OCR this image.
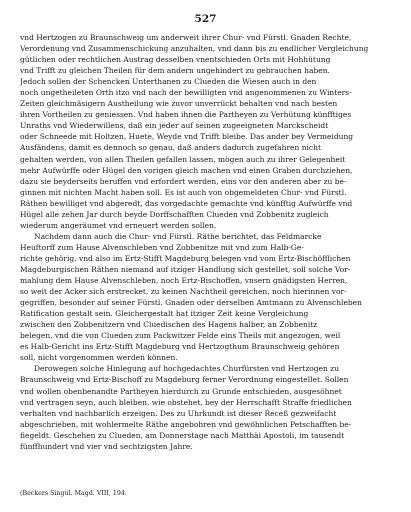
527
vnd Hertzogen zu Braunschweig um anderweit ihrer Chur- vnd Fürstl. Gnaden Rechte,
Verordenung vnd Zusammenschickung anzuhalten, vnd dann bis zu endlicher Vergleichung
gütlichen oder rechtlichen Austrag desselben vnentschieden Orts mit Hohhütung
vnd Trifft zu gleichen Theilen für dem andern ungehindert zu gebrauchen haben.
Jedoch sollen der Schencken Unterthanen zu Clueden die Wiesen auch in den
noch ungetheileten Orth itzo vnd nach der bewilligten vnd angenommenen zu Winters-
Zeiten gleichmäsigern Austheilung wie zuvor unverrückt behalten vnd nach besten
ihren Vortheilen zu geniessen. Vnd haben ihnen die Partheyen zu Verhütung künfftiges
Unraths vnd Wiederwillens, daß ein jeder auf seinen zugeeigneten Marckscheidt
oder Schneede mit Holtzen, Huete, Weyde vnd Trifft bleibe. Das ander bey Vermeidung
Ausfändens, damit es dennoch so genau, daß anders dadurch zugefahren nicht
gehalten werden, von allen Theilen gefallen lassen, mögen auch zu ihrer Gelegenheit
mehr Aufwürffe oder Hügel den vorigen gleich machen vnd einen Graben durchziehen,
dazu sie beyderseits beruffen vnd erfordert werden, eins vor den anderen aber zu be-
ginnen mit nichten Macht haben soll. Es ist auch von obgemeldeten Chur- vnd Fürstl.
Räthen bewilliget vnd abgeredt, das vorgedachte gemachte vnd künfftig Aufwürffe vnd
Hügel alle zehen Jar durch beyde Dorffschafften Clueden vnd Zobbenitz zugleich
wiederum angeräumet vnd erneuert werden sollen.
Nachdem dann auch die Chur- vnd Fürstl. Räthe berichtet, das Feldmarcke
Heuftorff zum Hause Alvenschleben vnd Zobbenitze mit vnd zum Halb-Ge-
richte gehörig, vnd also im Ertz-Stifft Magdeburg belegen vnd vom Ertz-Bischöfflichen
Magdeburgischen Räthen niemand auf itziger Handlung sich gestellet, soll solche Vor-
mahlung dem Hause Alvenschleben, noch Ertz-Bischoffen, vnsern gnädigsten Herren,
so weit der Acker sich erstrecket, zu keinen Nachtheil gereichen, noch hierinnen vor-
gegriffen, besonder auf seiner Fürstl. Gnaden oder derselben Amtmann zu Alvenschleben
Ratification gestalt sein. Gleichergestalt hat itziger Zeit keine Vergleichung
zwischen den Zobbenitzern vnd Cluedischen des Hagens halber, an Zobbenitz
belegen, vnd die von Clueden zum Packwitzer Felde eins Theils mit angezogen, weil
es Halb-Gericht ins Ertz-Stifft Magdeburg vnd Hertzogthum Braunschweig gehören
soll, nicht vorgenommen werden können.
Derowegen solche Hinlegung auf hochgedachtes Churfürsten vnd Hertzogen zu
Braunschweig vnd Ertz-Bischoff zu Magdeburg ferner Verordnung eingestellet. Sollen
vnd wollen obenbenandte Partheyen hierdurch zu Grunde entschieden, ausgesöhnet
vnd vertragen seyn, auch bleiben, wie obstehet, bey der Herrschafft Straffe friedlichen
verhalten vnd nachbarlich erzeigen. Des zu Uhrkundt ist dieser Receß gezweifacht
abgeschrieben, mit wohlermelte Räthe angebohren vnd gewöhnlichen Petschafften be-
fiegeldt. Geschehen zu Clueden, am Donnerstage nach Matthäi Apostoli, im tausendt
fünffhundert vnd vier vnd sechtzigsten Jahre.
(Beckers Singul. Magd. VIII, 194.
